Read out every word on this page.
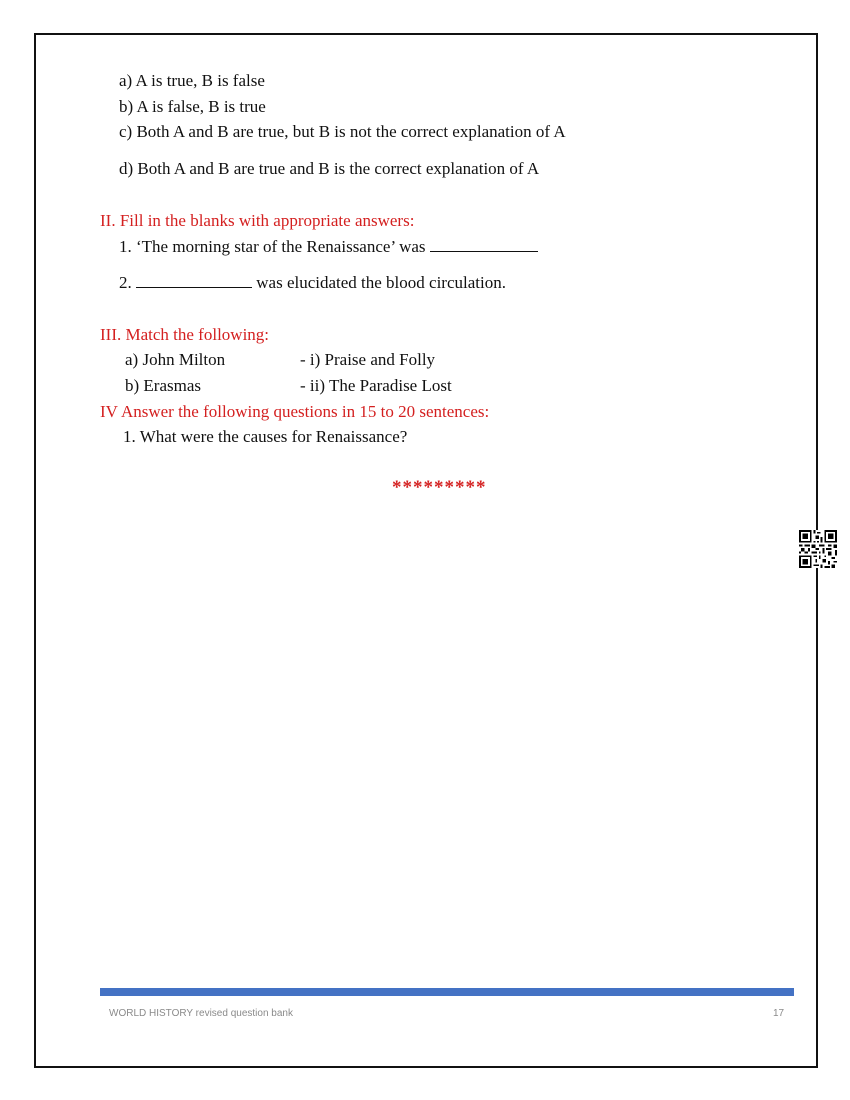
a) A is true, B is false
b) A is false, B is true
c) Both A and B are true, but B is not the correct explanation of A
d) Both A and B are true and B is the correct explanation of A
II. Fill in the blanks with appropriate answers:
1. ‘The morning star of the Renaissance’ was
2.	was elucidated the blood circulation.
III. Match the following:
a) John Milton	- i) Praise and Folly
b) Erasmas	- ii) The Paradise Lost
IV Answer the following questions in 15 to 20 sentences:
1. What were the causes for Renaissance?
*********
WORLD HISTORY revised question bank	17
